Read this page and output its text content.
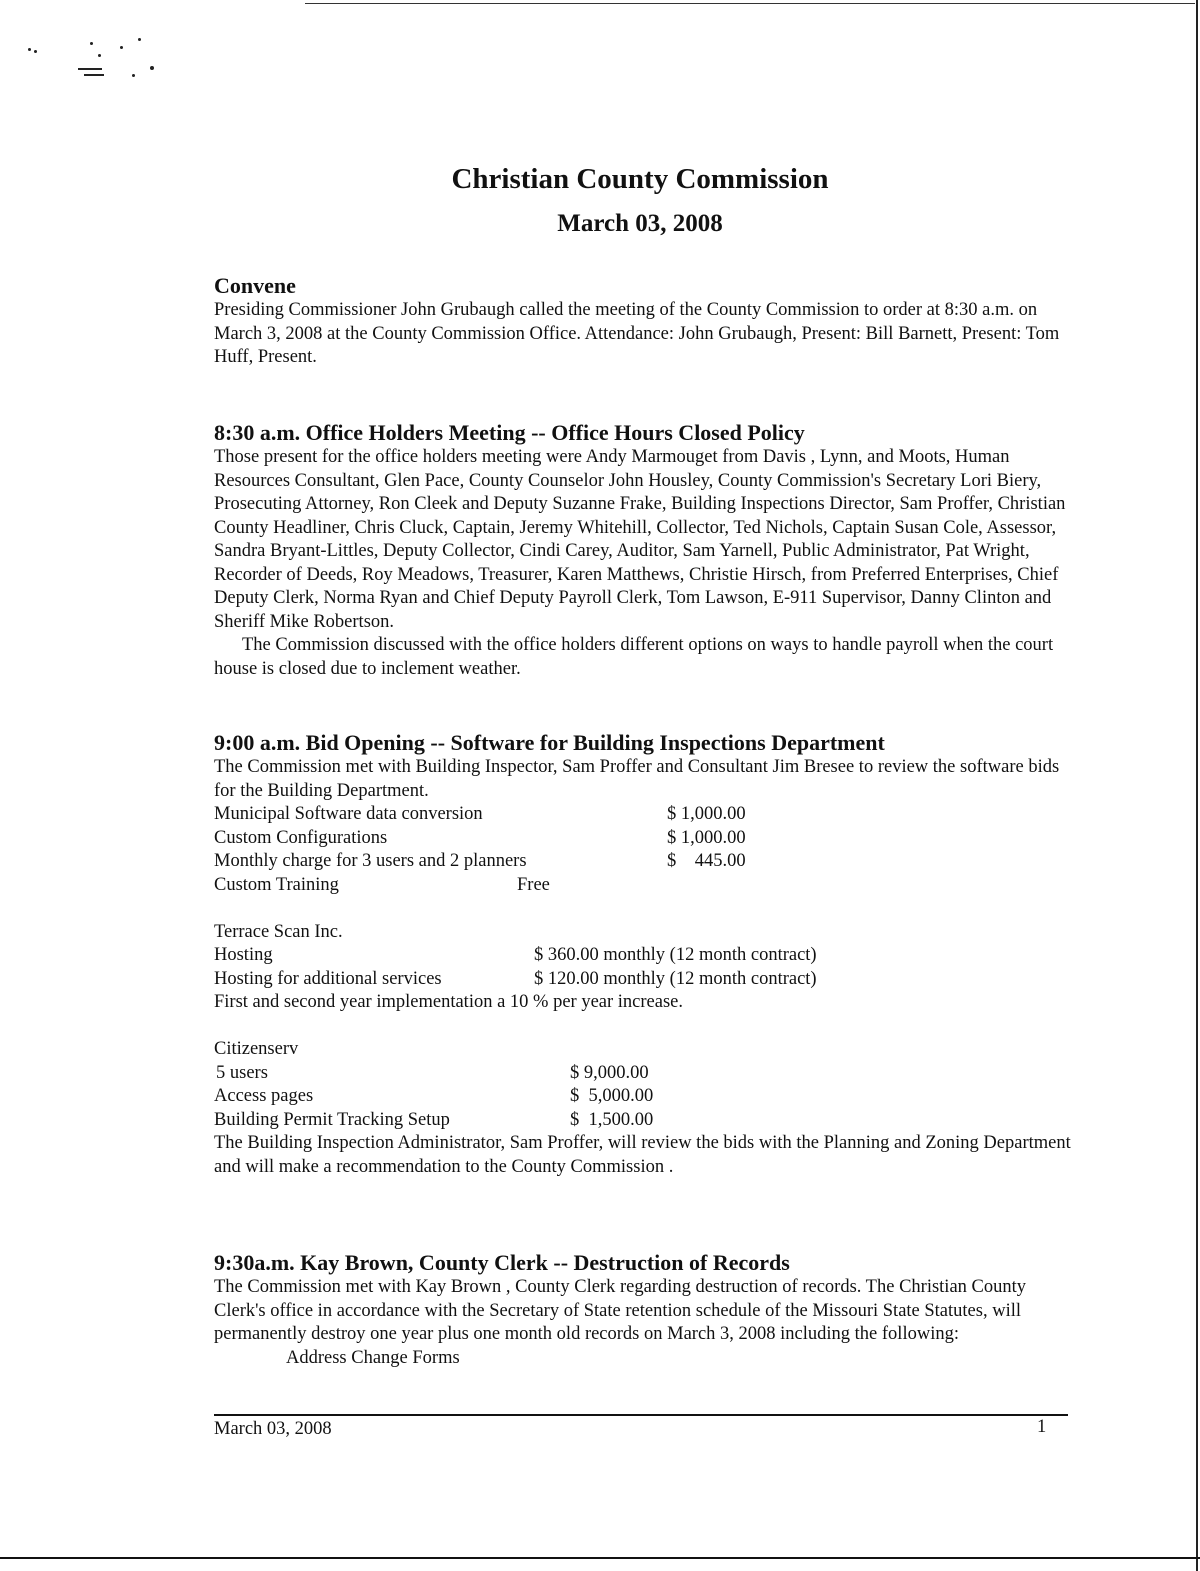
Christian County Commission
March 03, 2008
Convene

Presiding Commissioner John Grubaugh called the meeting of the County Commission to order at 8:30 a.m. on March 3, 2008 at the County Commission Office. Attendance: John Grubaugh, Present: Bill Barnett, Present: Tom Huff, Present.

8:30 a.m. Office Holders Meeting -- Office Hours Closed Policy

Those present for the office holders meeting were Andy Marmouget from Davis , Lynn, and Moots, Human Resources Consultant, Glen Pace, County Counselor John Housley, County Commission's Secretary Lori Biery, Prosecuting Attorney, Ron Cleek and Deputy Suzanne Frake, Building Inspections Director, Sam Proffer, Christian County Headliner, Chris Cluck, Captain, Jeremy Whitehill, Collector, Ted Nichols, Captain Susan Cole, Assessor, Sandra Bryant-Littles, Deputy Collector, Cindi Carey, Auditor, Sam Yarnell, Public Administrator, Pat Wright, Recorder of Deeds, Roy Meadows, Treasurer, Karen Matthews, Christie Hirsch, from Preferred Enterprises, Chief Deputy Clerk, Norma Ryan and Chief Deputy Payroll Clerk, Tom Lawson, E-911 Supervisor, Danny Clinton and Sheriff Mike Robertson.

The Commission discussed with the office holders different options on ways to handle payroll when the court house is closed due to inclement weather.

9:00 a.m. Bid Opening -- Software for Building Inspections Department

The Commission met with Building Inspector, Sam Proffer and Consultant Jim Bresee to review the software bids for the Building Department.

Municipal Software data conversion	$ 1,000.00
Custom Configurations	$ 1,000.00
Monthly charge for 3 users and 2 planners	$    445.00
Custom Training	Free
Terrace Scan Inc.
Hosting	$ 360.00 monthly (12 month contract)
Hosting for additional services	$ 120.00 monthly (12 month contract)
First and second year implementation a 10 % per year increase.
Citizenserv
5 users	$ 9,000.00
Access pages	$  5,000.00
Building Permit Tracking Setup	$  1,500.00

The Building Inspection Administrator, Sam Proffer, will review the bids with the Planning and Zoning Department and will make a recommendation to the County Commission .

9:30a.m. Kay Brown, County Clerk -- Destruction of Records

The Commission met with Kay Brown , County Clerk regarding destruction of records. The Christian County Clerk's office in accordance with the Secretary of State retention schedule of the Missouri State Statutes, will permanently destroy one year plus one month old records on March 3, 2008 including the following:

Address Change Forms

March 03, 2008	1
